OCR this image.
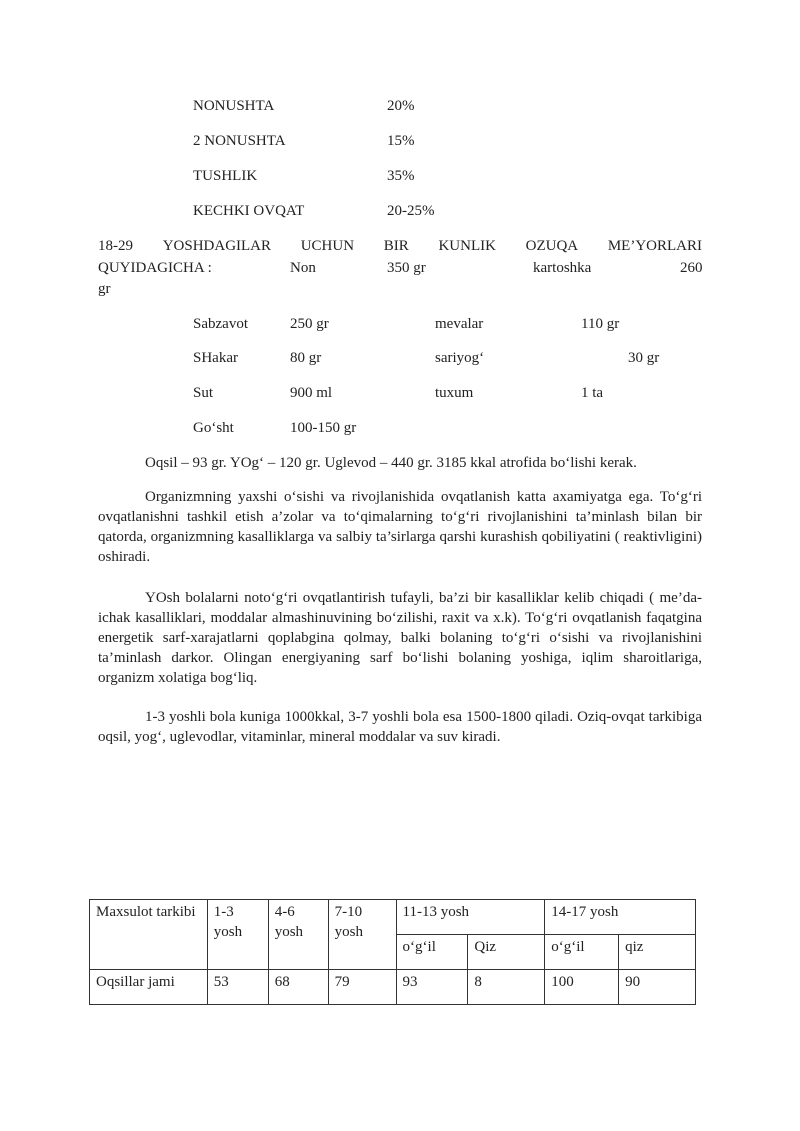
NONUSHTA	20%
2 NONUSHTA	15%
TUSHLIK	35%
KECHKI OVQAT	20-25%
18-29 YOSHDAGILAR UCHUN BIR KUNLIK OZUQA ME’YORLARI
QUYIDAGICHA :	Non	350 gr	kartoshka	260
gr
Sabzavot	250 gr	mevalar	110 gr
SHakar	80 gr	sariyog‘	30 gr
Sut	900 ml	tuxum	1 ta
Go‘sht	100-150 gr
Oqsil – 93 gr. YOg‘ – 120 gr. Uglevod – 440 gr. 3185 kkal atrofida bo‘lishi kerak.

Organizmning yaxshi o‘sishi va rivojlanishida ovqatlanish katta axamiyatga ega. To‘g‘ri ovqatlanishni tashkil etish a’zolar va to‘qimalarning to‘g‘ri rivojlanishini ta’minlash bilan bir qatorda, organizmning kasalliklarga va salbiy ta’sirlarga qarshi kurashish qobiliyatini ( reaktivligini) oshiradi.

YOsh bolalarni noto‘g‘ri ovqatlantirish tufayli, ba’zi bir kasalliklar kelib chiqadi ( me’da-ichak kasalliklari, moddalar almashinuvining bo‘zilishi, raxit va x.k). To‘g‘ri ovqatlanish faqatgina energetik sarf-xarajatlarni qoplabgina qolmay, balki bolaning to‘g‘ri o‘sishi va rivojlanishini ta’minlash darkor. Olingan energiyaning sarf bo‘lishi bolaning yoshiga, iqlim sharoitlariga, organizm xolatiga bog‘liq.

1-3 yoshli bola kuniga 1000kkal, 3-7 yoshli bola esa 1500-1800 qiladi. Oziq-ovqat tarkibiga oqsil, yog‘, uglevodlar, vitaminlar, mineral moddalar va suv kiradi.

Maxsulot tarkibi	1-3 yosh	4-6 yosh	7-10 yosh	11-13 yosh		14-17 yosh	
				o‘g‘il	Qiz	o‘g‘il	qiz
Oqsillar jami	53	68	79	93	8	100	90
